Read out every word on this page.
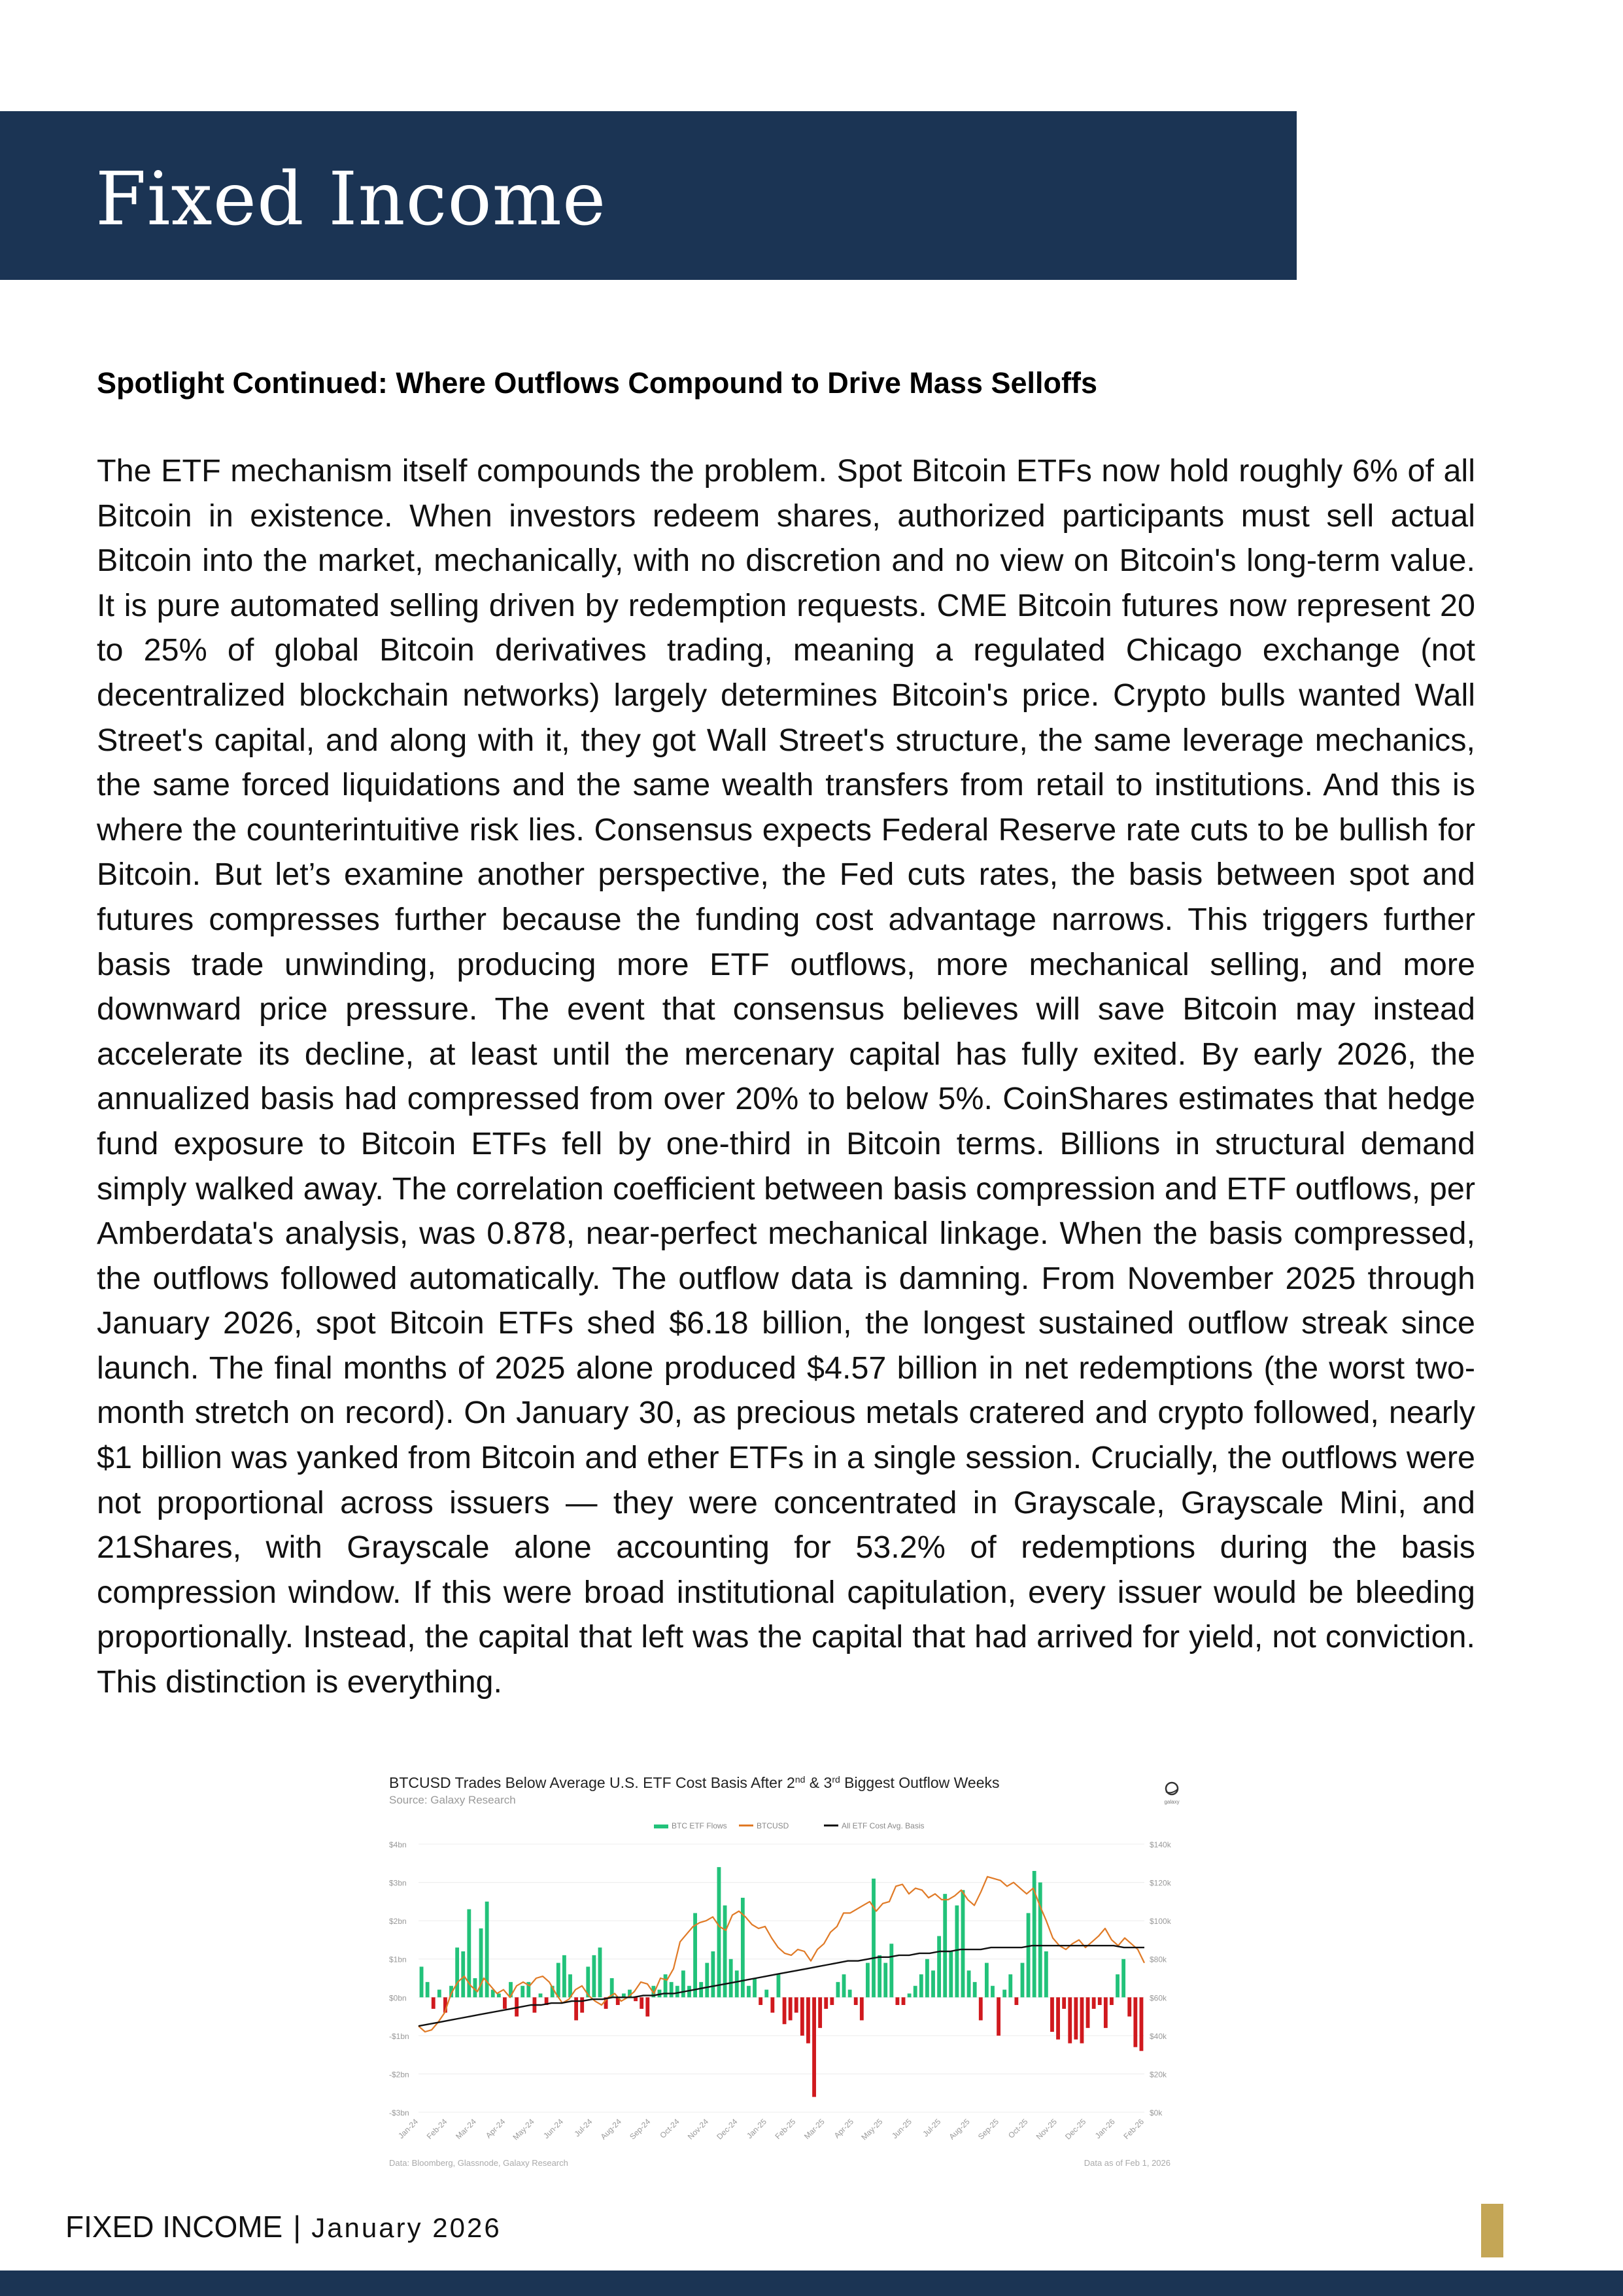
Fixed Income
Spotlight Continued: Where Outflows Compound to Drive Mass Selloffs

The ETF mechanism itself compounds the problem. Spot Bitcoin ETFs now hold roughly 6% of all Bitcoin in existence. When investors redeem shares, authorized participants must sell actual Bitcoin into the market, mechanically, with no discretion and no view on Bitcoin's long-term value. It is pure automated selling driven by redemption requests. CME Bitcoin futures now represent 20 to 25% of global Bitcoin derivatives trading, meaning a regulated Chicago exchange (not decentralized blockchain networks) largely determines Bitcoin's price. Crypto bulls wanted Wall Street's capital, and along with it, they got Wall Street's structure, the same leverage mechanics, the same forced liquidations and the same wealth transfers from retail to institutions. And this is where the counterintuitive risk lies. Consensus expects Federal Reserve rate cuts to be bullish for Bitcoin. But let’s examine another perspective, the Fed cuts rates, the basis between spot and futures compresses further because the funding cost advantage narrows. This triggers further basis trade unwinding, producing more ETF outflows, more mechanical selling, and more downward price pressure. The event that consensus believes will save Bitcoin may instead accelerate its decline, at least until the mercenary capital has fully exited. By early 2026, the annualized basis had compressed from over 20% to below 5%. CoinShares estimates that hedge fund exposure to Bitcoin ETFs fell by one-third in Bitcoin terms. Billions in structural demand simply walked away. The correlation coefficient between basis compression and ETF outflows, per Amberdata's analysis, was 0.878, near-perfect mechanical linkage. When the basis compressed, the outflows followed automatically. The outflow data is damning. From November 2025 through January 2026, spot Bitcoin ETFs shed $6.18 billion, the longest sustained outflow streak since launch. The final months of 2025 alone produced $4.57 billion in net redemptions (the worst two-month stretch on record). On January 30, as precious metals cratered and crypto followed, nearly $1 billion was yanked from Bitcoin and ether ETFs in a single session. Crucially, the outflows were not proportional across issuers — they were concentrated in Grayscale, Grayscale Mini, and 21Shares, with Grayscale alone accounting for 53.2% of redemptions during the basis compression window. If this were broad institutional capitulation, every issuer would be bleeding proportionally. Instead, the capital that left was the capital that had arrived for yield, not conviction. This distinction is everything.

BTCUSD Trades Below Average U.S. ETF Cost Basis After 2nd & 3rd Biggest Outflow Weeks
Source: Galaxy Research	galaxy
BTC ETF Flows	BTCUSD	All ETF Cost Avg. Basis
$4bn
$3bn
$2bn
$1bn
$0bn
-$1bn
-$2bn
-$3bn
$140k
$120k
$100k
$80k
$60k
$40k
$20k
$0k
Jan-24 Feb-24 Mar-24 Apr-24 May-24 Jun-24 Jul-24 Aug-24 Sep-24 Oct-24 Nov-24 Dec-24 Jan-25 Feb-25 Mar-25 Apr-25 May-25 Jun-25 Jul-25 Aug-25 Sep-25 Oct-25 Nov-25 Dec-25 Jan-26 Feb-26
Data: Bloomberg, Glassnode, Galaxy Research	Data as of Feb 1, 2026
FIXED INCOME | January 2026
